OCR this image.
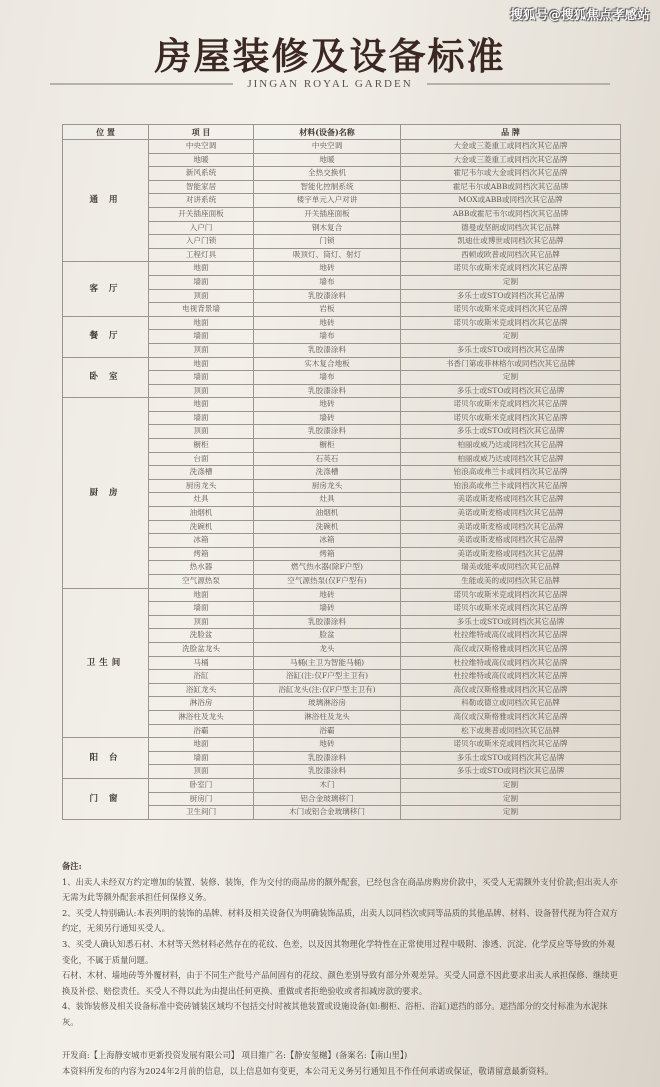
搜狐号@搜狐焦点孝感站
房屋装修及设备标准
JINGAN ROYAL GARDEN
位 置	项 目	材料(设备)名称	品 牌
通 用	中央空调	中央空调	大金或三菱重工或同档次其它品牌
	地暖	地暖	大金或三菱重工或同档次其它品牌
	新风系统	全热交换机	霍尼韦尔或大金或同档次其它品牌
	智能家居	智能化控制系统	霍尼韦尔或ABB或同档次其它品牌
	对讲系统	楼宇单元入户对讲	MOX或ABB或同档次其它品牌
	开关插座面板	开关插座面板	ABB或霍尼韦尔或同档次其它品牌
	入户门	钢木复合	德曼或坚朗或同档次其它品牌
	入户门锁	门锁	凯迪仕或博世或同档次其它品牌
	工程灯具	吸顶灯、筒灯、射灯	西顿或欧普或同档次其它品牌
客 厅	地面	地砖	诺贝尔或斯米克或同档次其它品牌
	墙面	墙布	定制
	顶面	乳胶漆涂料	多乐士或STO或同档次其它品牌
	电视背景墙	岩板	诺贝尔或斯米克或同档次其它品牌
餐 厅	地面	地砖	诺贝尔或斯米克或同档次其它品牌
	墙面	墙布	定制
	顶面	乳胶漆涂料	多乐士或STO或同档次其它品牌
卧 室	地面	实木复合地板	书香门第或菲林格尔或同档次其它品牌
	墙面	墙布	定制
	顶面	乳胶漆涂料	多乐士或STO或同档次其它品牌
厨 房	地面	地砖	诺贝尔或斯米克或同档次其它品牌
	墙面	墙砖	诺贝尔或斯米克或同档次其它品牌
	顶面	乳胶漆涂料	多乐士或STO或同档次其它品牌
	橱柜	橱柜	柏丽或威乃达或同档次其它品牌
	台面	石英石	柏丽或威乃达或同档次其它品牌
	洗涤槽	洗涤槽	铂浪高或弗兰卡或同档次其它品牌
	厨房龙头	厨房龙头	铂浪高或弗兰卡或同档次其它品牌
	灶具	灶具	美诺或斯麦格或同档次其它品牌
	油烟机	油烟机	美诺或斯麦格或同档次其它品牌
	洗碗机	洗碗机	美诺或斯麦格或同档次其它品牌
	冰箱	冰箱	美诺或斯麦格或同档次其它品牌
	烤箱	烤箱	美诺或斯麦格或同档次其它品牌
	热水器	燃气热水器(除F户型)	瑞美或能率或同档次其它品牌
	空气源热泵	空气源热泵(仅F户型有)	生能或美的或同档次其它品牌
卫生间	地面	地砖	诺贝尔或斯米克或同档次其它品牌
	墙面	墙砖	诺贝尔或斯米克或同档次其它品牌
	顶面	乳胶漆涂料	多乐士或STO或同档次其它品牌
	洗脸盆	脸盆	杜拉维特或高仪或同档次其它品牌
	洗脸盆龙头	龙头	高仪或汉斯格雅或同档次其它品牌
	马桶	马桶(主卫为智能马桶)	杜拉维特或高仪或同档次其它品牌
	浴缸	浴缸(注:仅F户型主卫有)	杜拉维特或高仪或同档次其它品牌
	浴缸龙头	浴缸龙头(注:仅F户型主卫有)	高仪或汉斯格雅或同档次其它品牌
	淋浴房	玻璃淋浴房	科勒或德立或同档次其它品牌
	淋浴柱及龙头	淋浴柱及龙头	高仪或汉斯格雅或同档次其它品牌
	浴霸	浴霸	松下或奥普或同档次其它品牌
阳 台	地面	地砖	诺贝尔或斯米克或同档次其它品牌
	墙面	乳胶漆涂料	多乐士或STO或同档次其它品牌
	顶面	乳胶漆涂料	多乐士或STO或同档次其它品牌
门 窗	卧室门	木门	定制
	厨房门	铝合金玻璃移门	定制
	卫生间门	木门或铝合金玻璃移门	定制

备注:

1、出卖人未经双方约定增加的装置、装修、装饰，作为交付的商品房的额外配套，已经包含在商品房购房价款中，买受人无需额外支付价款;但出卖人亦无需为此等额外配套承担任何保修义务。

2、买受人特别确认:本表列明的装饰的品牌、材料及相关设备仅为明确装饰品质，出卖人以同档次或同等品质的其他品牌、材料、设备替代视为符合双方约定，无须另行通知买受人。

3、买受人确认知悉石材、木材等天然材料必然存在的花纹、色差，以及因其物理化学特性在正常使用过程中吸附、渗透、沉淀、化学反应等导致的外观变化，不属于质量问题。

石材、木材、墙地砖等外覆材料，由于不同生产批号产品间固有的花纹、颜色差别导致有部分外观差异。买受人同意不因此要求出卖人承担保修、继续更换及补偿、赔偿责任。买受人不得以此为由提出任何更换、重做或者拒绝验收或者扣减房款的要求。

4、装饰装修及相关设备标准中瓷砖铺装区域均不包括交付时被其他装置或设施设备(如:橱柜、浴柜、浴缸)遮挡的部分。遮挡部分的交付标准为水泥抹灰。

开发商:【上海静安城市更新投资发展有限公司】 项目推广名:【静安玺樾】(备案名:【南山里】)

本资料所发布的内容为2024年2月前的信息，以上信息如有变更，本公司无义务另行通知且不作任何承诺或保证，敬请留意最新资料。
